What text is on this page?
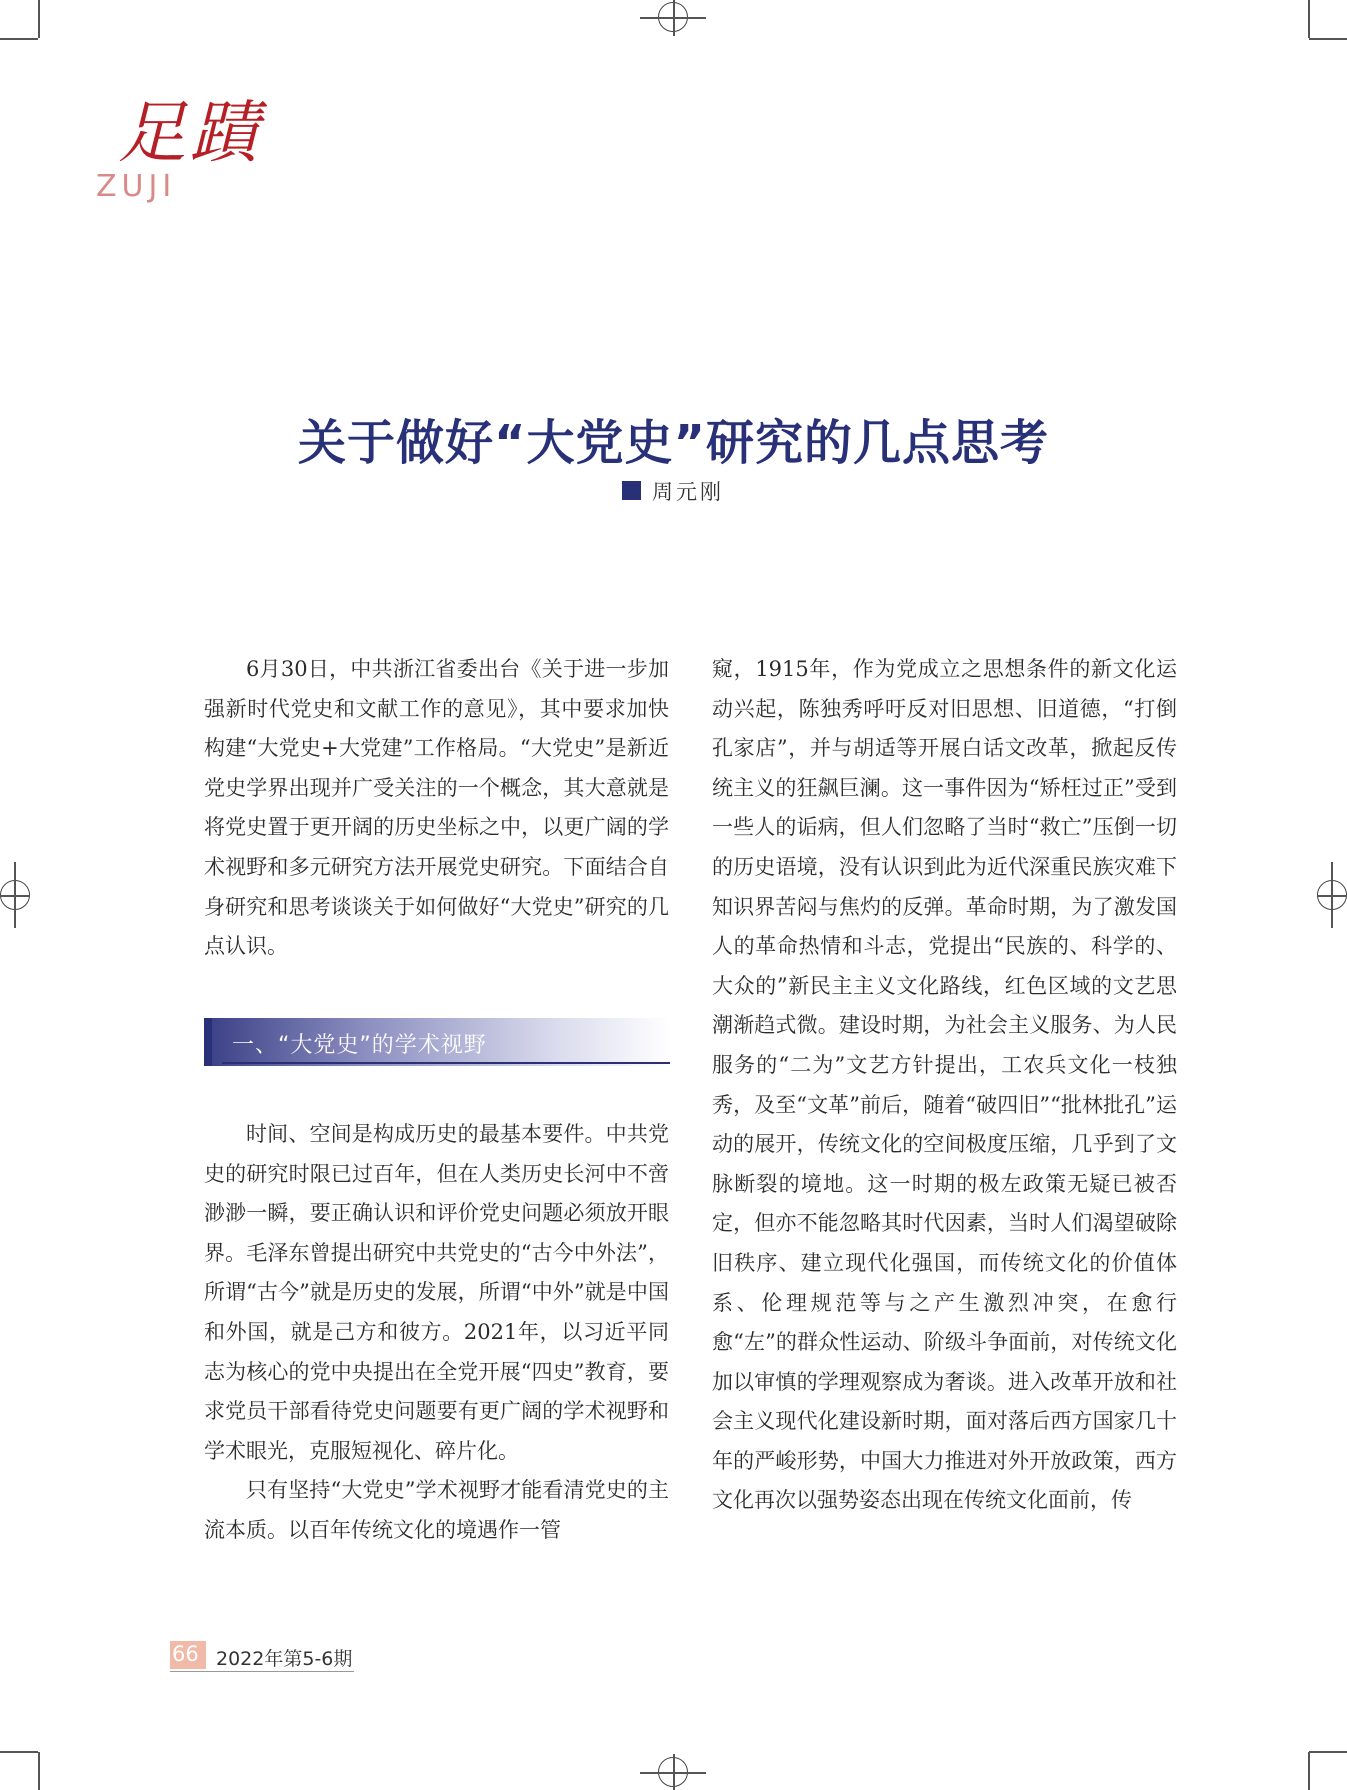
足蹟
ZUJI
关于做好“大党史”研究的几点思考
周元刚

6月30日，中共浙江省委出台《关于进一步加强新时代党史和文献工作的意见》，其中要求加快构建“大党史+大党建”工作格局。“大党史”是新近党史学界出现并广受关注的一个概念，其大意就是将党史置于更开阔的历史坐标之中，以更广阔的学术视野和多元研究方法开展党史研究。下面结合自身研究和思考谈谈关于如何做好“大党史”研究的几点认识。

一、“大党史”的学术视野

时间、空间是构成历史的最基本要件。中共党史的研究时限已过百年，但在人类历史长河中不啻渺渺一瞬，要正确认识和评价党史问题必须放开眼界。毛泽东曾提出研究中共党史的“古今中外法”，所谓“古今”就是历史的发展，所谓“中外”就是中国和外国，就是己方和彼方。2021年，以习近平同志为核心的党中央提出在全党开展“四史”教育，要求党员干部看待党史问题要有更广阔的学术视野和学术眼光，克服短视化、碎片化。

只有坚持“大党史”学术视野才能看清党史的主流本质。以百年传统文化的境遇作一管

窥，1915年，作为党成立之思想条件的新文化运动兴起，陈独秀呼吁反对旧思想、旧道德，“打倒孔家店”，并与胡适等开展白话文改革，掀起反传统主义的狂飙巨澜。这一事件因为“矫枉过正”受到一些人的诟病，但人们忽略了当时“救亡”压倒一切的历史语境，没有认识到此为近代深重民族灾难下知识界苦闷与焦灼的反弹。革命时期，为了激发国人的革命热情和斗志，党提出“民族的、科学的、大众的”新民主主义文化路线，红色区域的文艺思潮渐趋式微。建设时期，为社会主义服务、为人民服务的“二为”文艺方针提出，工农兵文化一枝独秀，及至“文革”前后，随着“破四旧”“批林批孔”运动的展开，传统文化的空间极度压缩，几乎到了文脉断裂的境地。这一时期的极左政策无疑已被否定，但亦不能忽略其时代因素，当时人们渴望破除旧秩序、建立现代化强国，而传统文化的价值体系、伦理规范等与之产生激烈冲突，在愈行愈“左”的群众性运动、阶级斗争面前，对传统文化加以审慎的学理观察成为奢谈。进入改革开放和社会主义现代化建设新时期，面对落后西方国家几十年的严峻形势，中国大力推进对外开放政策，西方文化再次以强势姿态出现在传统文化面前，传

66 2022年第5-6期
